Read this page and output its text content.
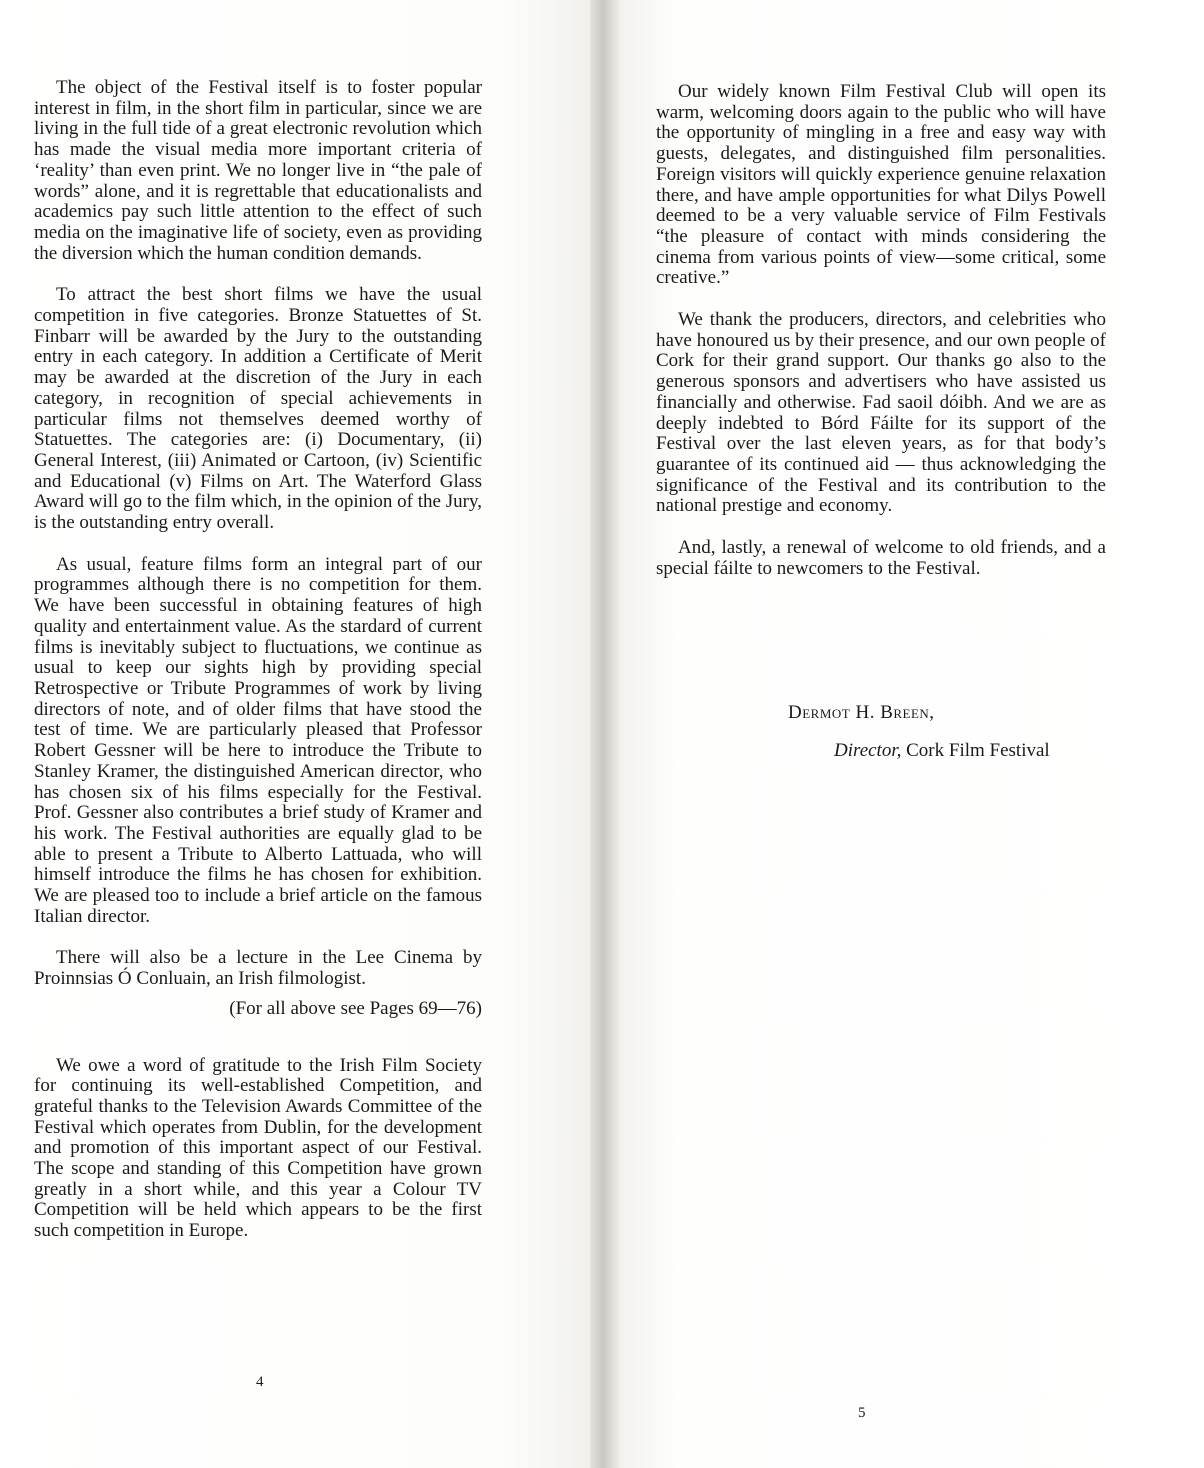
The object of the Festival itself is to foster popular interest in film, in the short film in particular, since we are living in the full tide of a great electronic revolution which has made the visual media more important criteria of ‘reality’ than even print. We no longer live in “the pale of words” alone, and it is regrettable that educationalists and academics pay such little attention to the effect of such media on the imaginative life of society, even as providing the diversion which the human condition demands.

To attract the best short films we have the usual competition in five categories. Bronze Statuettes of St. Finbarr will be awarded by the Jury to the outstanding entry in each category. In addition a Certificate of Merit may be awarded at the discretion of the Jury in each category, in recognition of special achievements in particular films not themselves deemed worthy of Statuettes. The categories are: (i) Documentary, (ii) General Interest, (iii) Animated or Cartoon, (iv) Scientific and Educational (v) Films on Art. The Waterford Glass Award will go to the film which, in the opinion of the Jury, is the outstanding entry overall.

As usual, feature films form an integral part of our programmes although there is no competition for them. We have been successful in obtaining features of high quality and entertainment value. As the stardard of current films is inevitably subject to fluctuations, we continue as usual to keep our sights high by providing special Retrospective or Tribute Programmes of work by living directors of note, and of older films that have stood the test of time. We are particularly pleased that Professor Robert Gessner will be here to introduce the Tribute to Stanley Kramer, the distinguished American director, who has chosen six of his films especially for the Festival. Prof. Gessner also contributes a brief study of Kramer and his work. The Festival authorities are equally glad to be able to present a Tribute to Alberto Lattuada, who will himself introduce the films he has chosen for exhibition. We are pleased too to include a brief article on the famous Italian director.

There will also be a lecture in the Lee Cinema by Proinnsias Ó Conluain, an Irish filmologist.

(For all above see Pages 69—76)

We owe a word of gratitude to the Irish Film Society for continuing its well-established Competition, and grateful thanks to the Television Awards Committee of the Festival which operates from Dublin, for the development and promotion of this important aspect of our Festival. The scope and standing of this Competition have grown greatly in a short while, and this year a Colour TV Competition will be held which appears to be the first such competition in Europe.

4

Our widely known Film Festival Club will open its warm, welcoming doors again to the public who will have the opportunity of mingling in a free and easy way with guests, delegates, and distinguished film personalities. Foreign visitors will quickly experience genuine relaxation there, and have ample opportunities for what Dilys Powell deemed to be a very valuable service of Film Festivals “the pleasure of contact with minds considering the cinema from various points of view—some critical, some creative.”

We thank the producers, directors, and celebrities who have honoured us by their presence, and our own people of Cork for their grand support. Our thanks go also to the generous sponsors and advertisers who have assisted us financially and otherwise. Fad saoil dóibh. And we are as deeply indebted to Bórd Fáilte for its support of the Festival over the last eleven years, as for that body’s guarantee of its continued aid — thus acknowledging the significance of the Festival and its contribution to the national prestige and economy.

And, lastly, a renewal of welcome to old friends, and a special fáilte to newcomers to the Festival.

Dermot H. Breen,
Director, Cork Film Festival
5
